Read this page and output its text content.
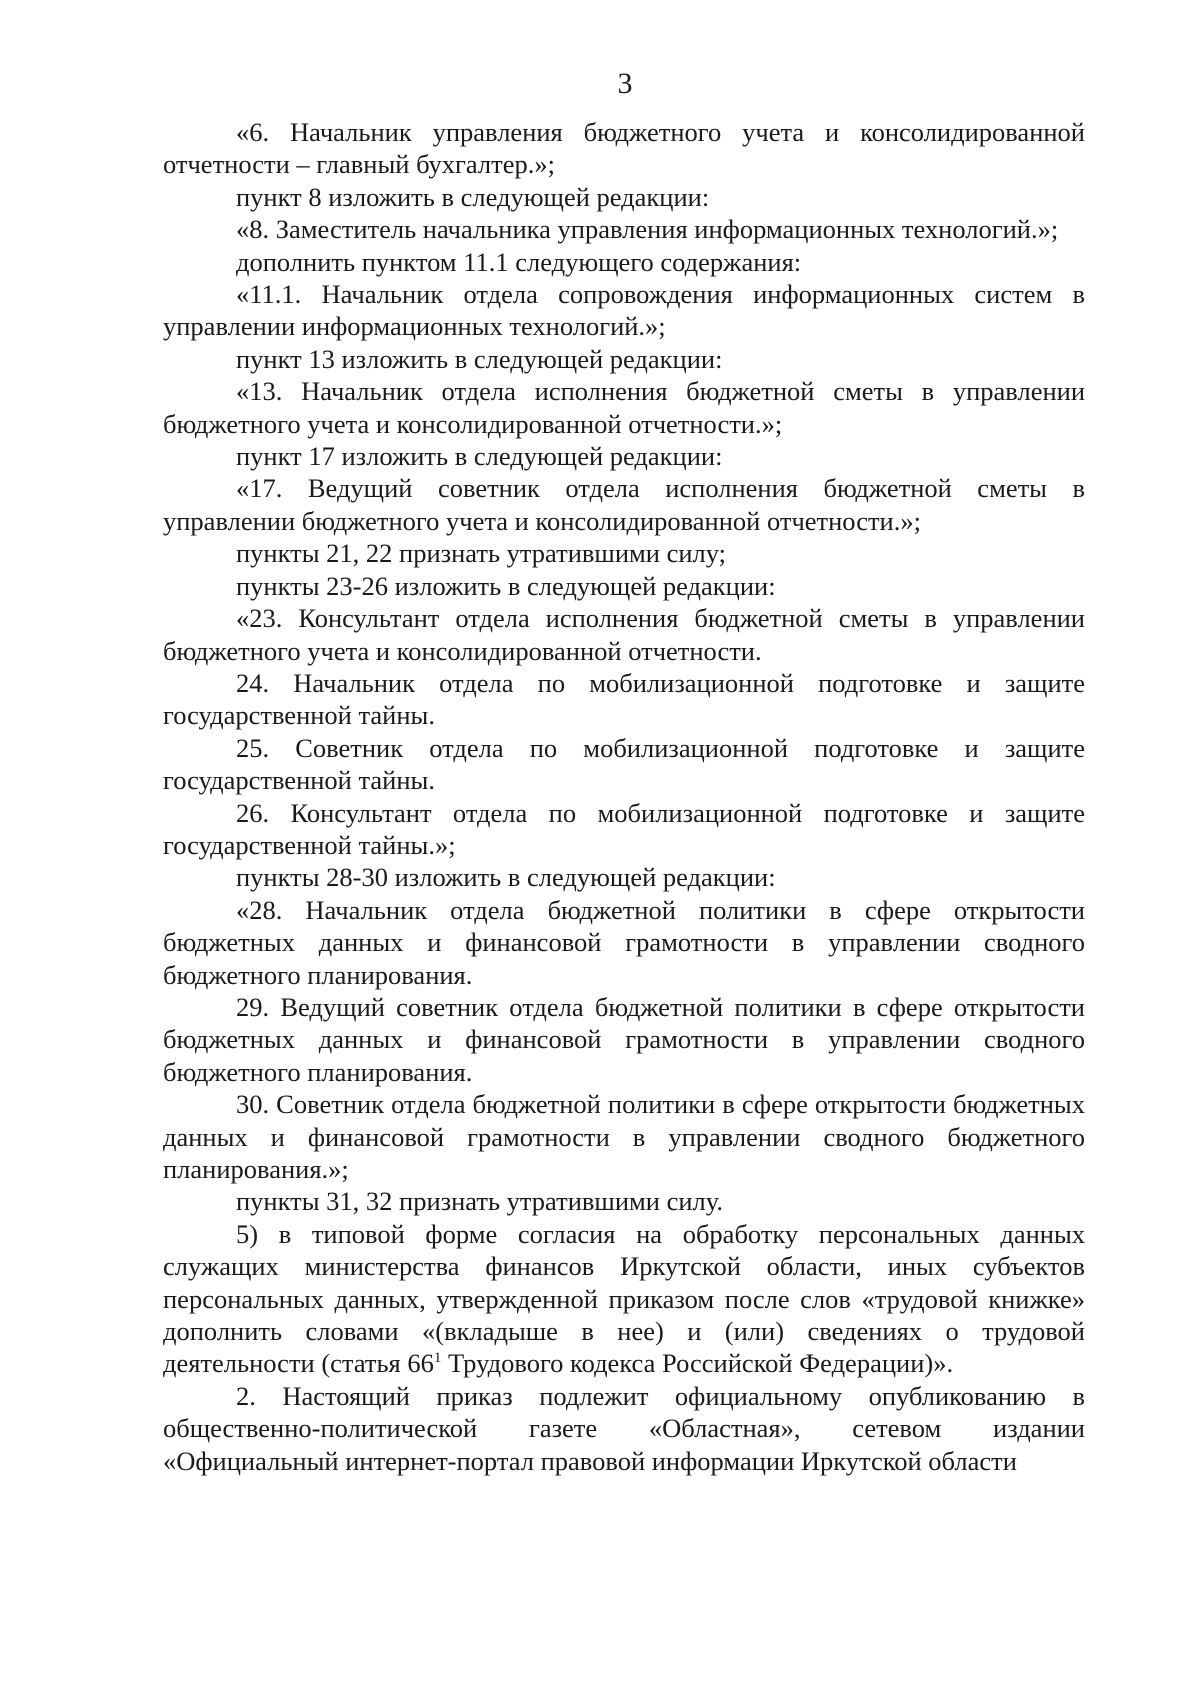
3

«6. Начальник управления бюджетного учета и консолидированной отчетности – главный бухгалтер.»;

пункт 8 изложить в следующей редакции:

«8. Заместитель начальника управления информационных технологий.»;

дополнить пунктом 11.1 следующего содержания:

«11.1. Начальник отдела сопровождения информационных систем в управлении информационных технологий.»;

пункт 13 изложить в следующей редакции:

«13. Начальник отдела исполнения бюджетной сметы в управлении бюджетного учета и консолидированной отчетности.»;

пункт 17 изложить в следующей редакции:

«17. Ведущий советник отдела исполнения бюджетной сметы в управлении бюджетного учета и консолидированной отчетности.»;

пункты 21, 22 признать утратившими силу;

пункты 23-26 изложить в следующей редакции:

«23. Консультант отдела исполнения бюджетной сметы в управлении бюджетного учета и консолидированной отчетности.

24. Начальник отдела по мобилизационной подготовке и защите государственной тайны.

25. Советник отдела по мобилизационной подготовке и защите государственной тайны.

26. Консультант отдела по мобилизационной подготовке и защите государственной тайны.»;

пункты 28-30 изложить в следующей редакции:

«28. Начальник отдела бюджетной политики в сфере открытости бюджетных данных и финансовой грамотности в управлении сводного бюджетного планирования.

29. Ведущий советник отдела бюджетной политики в сфере открытости бюджетных данных и финансовой грамотности в управлении сводного бюджетного планирования.

30. Советник отдела бюджетной политики в сфере открытости бюджетных данных и финансовой грамотности в управлении сводного бюджетного планирования.»;

пункты 31, 32 признать утратившими силу.

5) в типовой форме согласия на обработку персональных данных служащих министерства финансов Иркутской области, иных субъектов персональных данных, утвержденной приказом после слов «трудовой книжке» дополнить словами «(вкладыше в нее) и (или) сведениях о трудовой деятельности (статья $66^1$ Трудового кодекса Российской Федерации)».

2. Настоящий приказ подлежит официальному опубликованию в общественно-политической газете «Областная», сетевом издании «Официальный интернет-портал правовой информации Иркутской области
